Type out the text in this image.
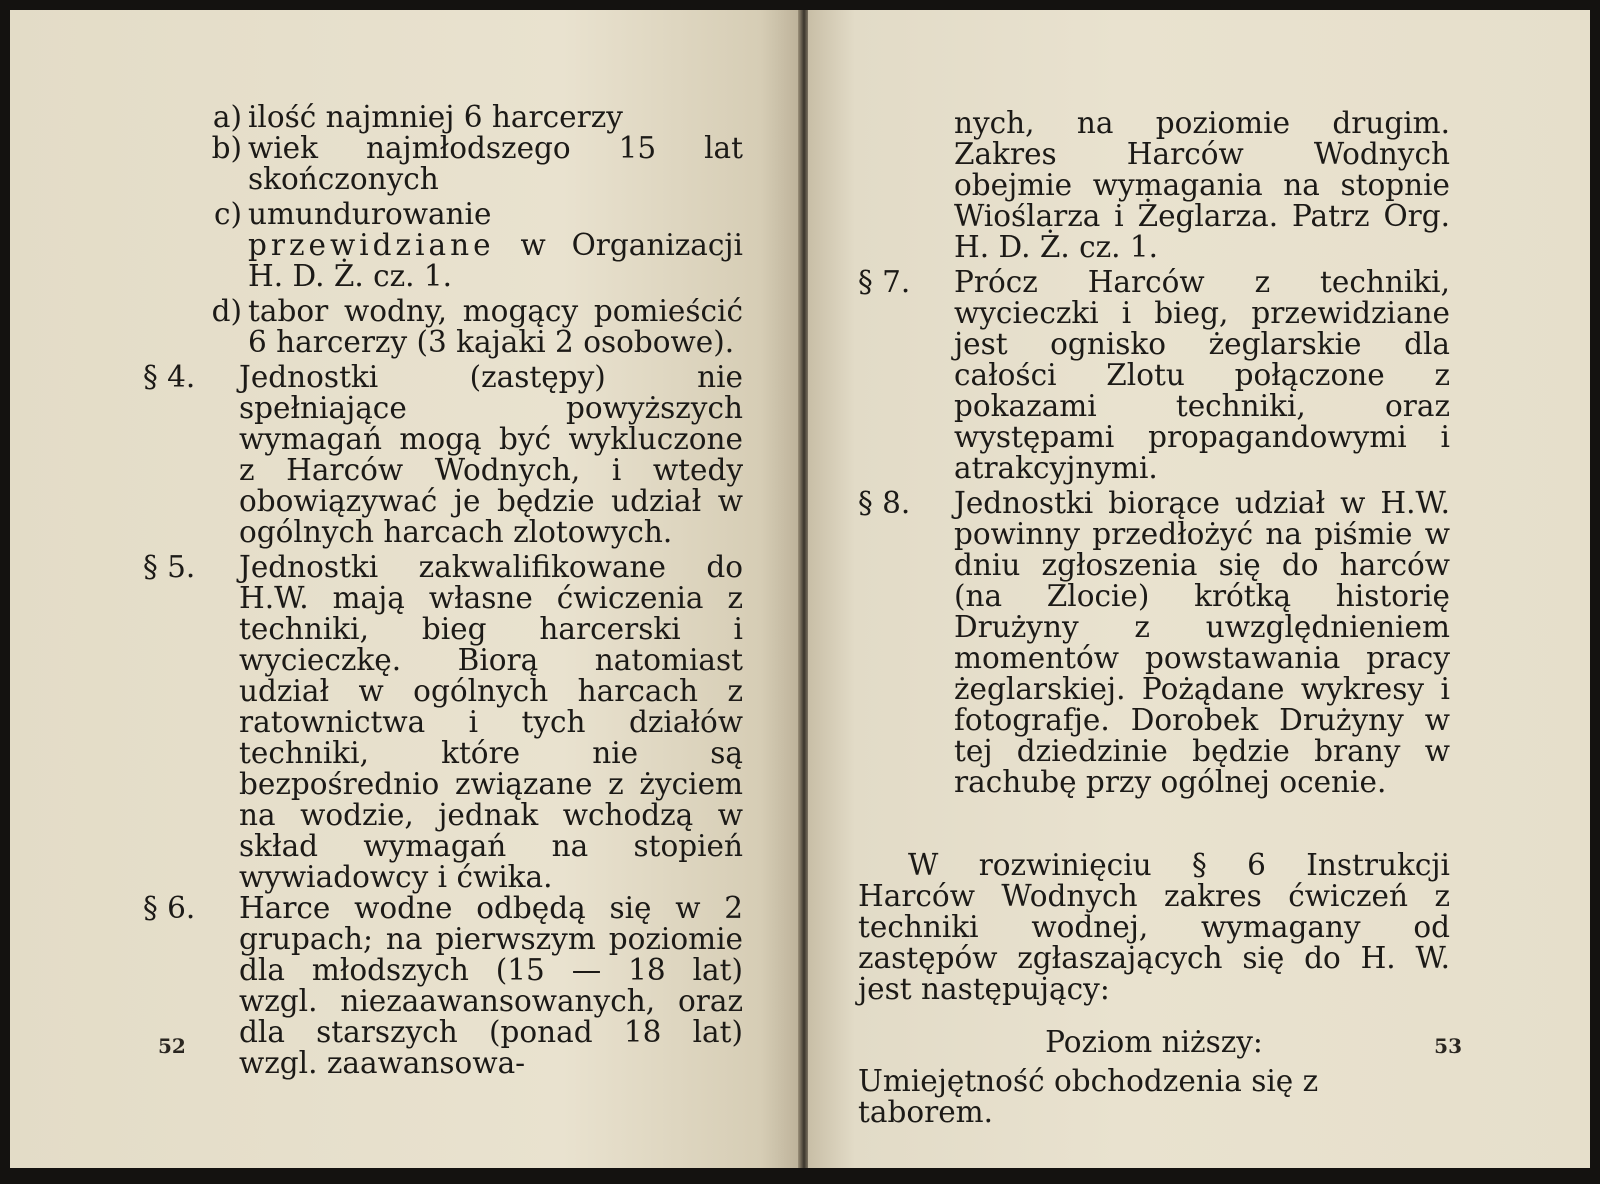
a) ilość najmniej 6 harcerzy
b) wiek najmłodszego 15 lat skończonych
c) umundurowanie przewidziane w Organizacji H. D. Ż. cz. 1.
d) tabor wodny, mogący pomieścić 6 harcerzy (3 kajaki 2 osobowe).
§ 4.	Jednostki (zastępy) nie spełniające powyższych wymagań mogą być wykluczone z Harców Wodnych, i wtedy obowiązywać je będzie udział w ogólnych harcach zlotowych.
§ 5.	Jednostki zakwalifikowane do H.W. mają własne ćwiczenia z techniki, bieg harcerski i wycieczkę. Biorą natomiast udział w ogólnych harcach z ratownictwa i tych działów techniki, które nie są bezpośrednio związane z życiem na wodzie, jednak wchodzą w skład wymagań na stopień wywiadowcy i ćwika.
§ 6.	Harce wodne odbędą się w 2 grupach; na pierwszym poziomie dla młodszych (15 — 18 lat) wzgl. niezaawansowanych, oraz dla starszych (ponad 18 lat) wzgl. zaawansowa-
52
nych, na poziomie drugim. Zakres Harców Wodnych obejmie wymagania na stopnie Wioślarza i Żeglarza. Patrz Org. H. D. Ż. cz. 1.
§ 7.	Prócz Harców z techniki, wycieczki i bieg, przewidziane jest ognisko żeglarskie dla całości Zlotu połączone z pokazami techniki, oraz występami propagandowymi i atrakcyjnymi.
§ 8.	Jednostki biorące udział w H.W. powinny przedłożyć na piśmie w dniu zgłoszenia się do harców (na Zlocie) krótką historię Drużyny z uwzględnieniem momentów powstawania pracy żeglarskiej. Pożądane wykresy i fotografje. Dorobek Drużyny w tej dziedzinie będzie brany w rachubę przy ogólnej ocenie.
W rozwinięciu § 6 Instrukcji Harców Wodnych zakres ćwiczeń z techniki wodnej, wymagany od zastępów zgłaszających się do H. W. jest następujący:
Poziom niższy:
Umiejętność obchodzenia się z taborem.
53
